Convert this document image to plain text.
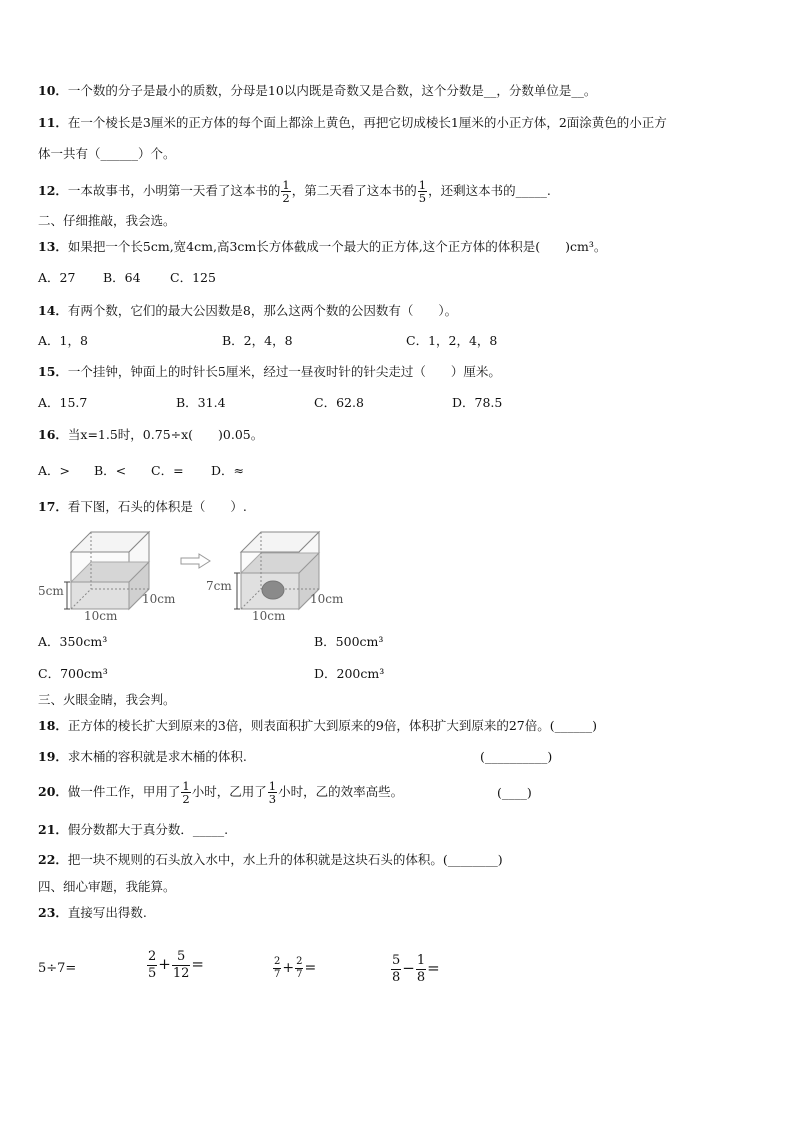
10．一个数的分子是最小的质数，分母是10以内既是奇数又是合数，这个分数是__，分数单位是__。
11．在一个棱长是3厘米的正方体的每个面上都涂上黄色，再把它切成棱长1厘米的小正方体，2面涂黄色的小正方
体一共有（______）个。
12．一本故事书，小明第一天看了这本书的 $\frac{1}{2}$ ，第二天看了这本书的 $\frac{1}{5}$ ，还剩这本书的_____.
二、仔细推敲，我会选。
13．如果把一个长5cm,宽4cm,高3cm长方体截成一个最大的正方体,这个正方体的体积是(　　)cm³。
A．27 B．64 C．125
14．有两个数，它们的最大公因数是8，那么这两个数的公因数有（　　）。
A．1，8	B．2，4，8	C．1，2，4，8
15．一个挂钟，钟面上的时针长5厘米，经过一昼夜时针的针尖走过（　　）厘米。
A．15.7	B．31.4	C．62.8	D．78.5
16．当x=1.5时，0.75÷x(　　)0.05。
A．> B．< C．= D．≈
17．看下图，石头的体积是（　　）.
5cm
10cm
10cm
7cm
10cm
10cm
A．350cm³	B．500cm³
C．700cm³	D．200cm³
三、火眼金睛，我会判。
18．正方体的棱长扩大到原来的3倍，则表面积扩大到原来的9倍，体积扩大到原来的27倍。(______)
19．求木桶的容积就是求木桶的体积.	(__________)
20．做一件工作，甲用了 $\frac{1}{2}$ 小时，乙用了 $\frac{1}{3}$ 小时，乙的效率高些。	(____)
21．假分数都大于真分数．_____.
22．把一块不规则的石头放入水中，水上升的体积就是这块石头的体积。(________)
四、细心审题，我能算。
23．直接写出得数.
5÷7=	$\frac{2}{5} + \frac{5}{12}$ =	$\frac{2}{7} + \frac{2}{7}$ =	$\frac{5}{8} - \frac{1}{8}$ =
